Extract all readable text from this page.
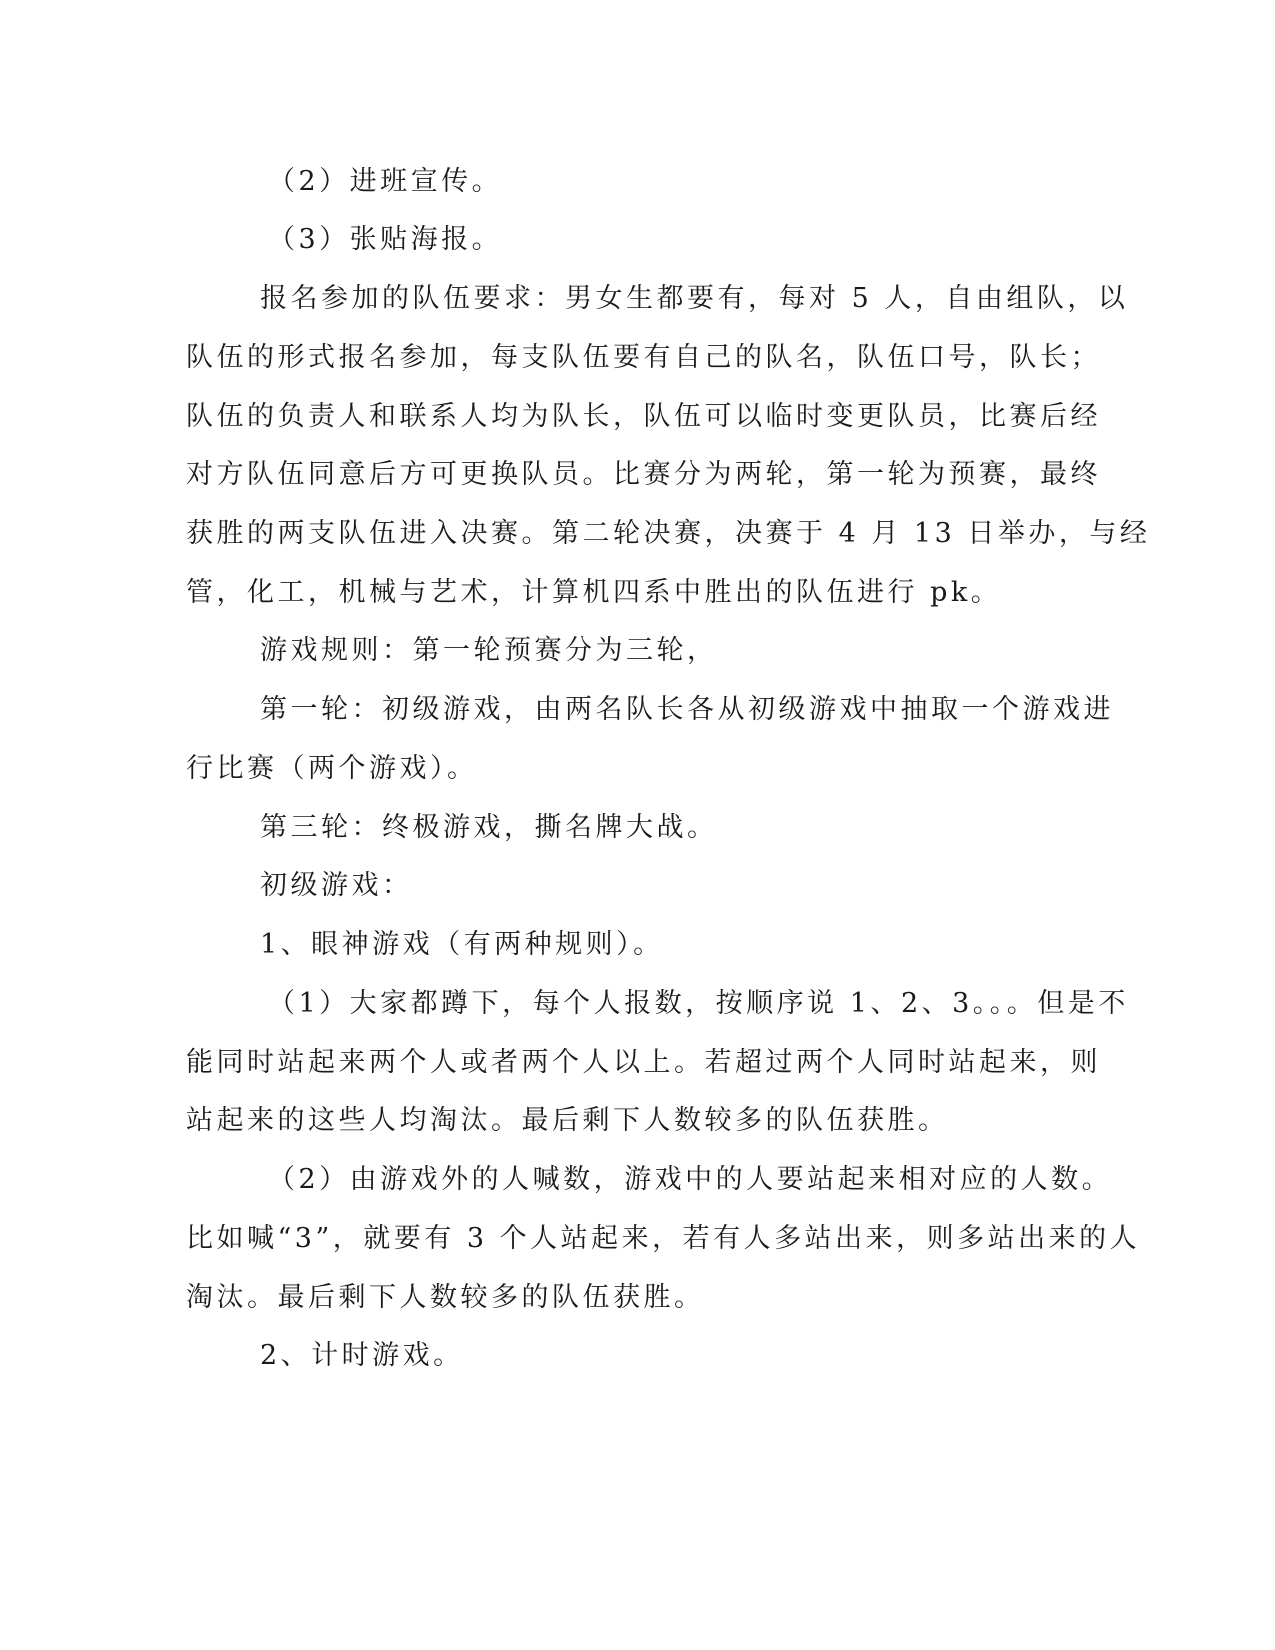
（2）进班宣传。
（3）张贴海报。
报名参加的队伍要求：男女生都要有，每对 5 人，自由组队，以
队伍的形式报名参加，每支队伍要有自己的队名，队伍口号，队长；
队伍的负责人和联系人均为队长，队伍可以临时变更队员，比赛后经
对方队伍同意后方可更换队员。比赛分为两轮，第一轮为预赛，最终
获胜的两支队伍进入决赛。第二轮决赛，决赛于 4 月 13 日举办，与经
管，化工，机械与艺术，计算机四系中胜出的队伍进行 pk。
游戏规则：第一轮预赛分为三轮，
第一轮：初级游戏，由两名队长各从初级游戏中抽取一个游戏进
行比赛（两个游戏）。
第三轮：终极游戏，撕名牌大战。
初级游戏：
1、眼神游戏（有两种规则）。
（1）大家都蹲下，每个人报数，按顺序说 1、2、3。。。但是不
能同时站起来两个人或者两个人以上。若超过两个人同时站起来，则
站起来的这些人均淘汰。最后剩下人数较多的队伍获胜。
（2）由游戏外的人喊数，游戏中的人要站起来相对应的人数。
比如喊“3”，就要有 3 个人站起来，若有人多站出来，则多站出来的人
淘汰。最后剩下人数较多的队伍获胜。
2、计时游戏。
